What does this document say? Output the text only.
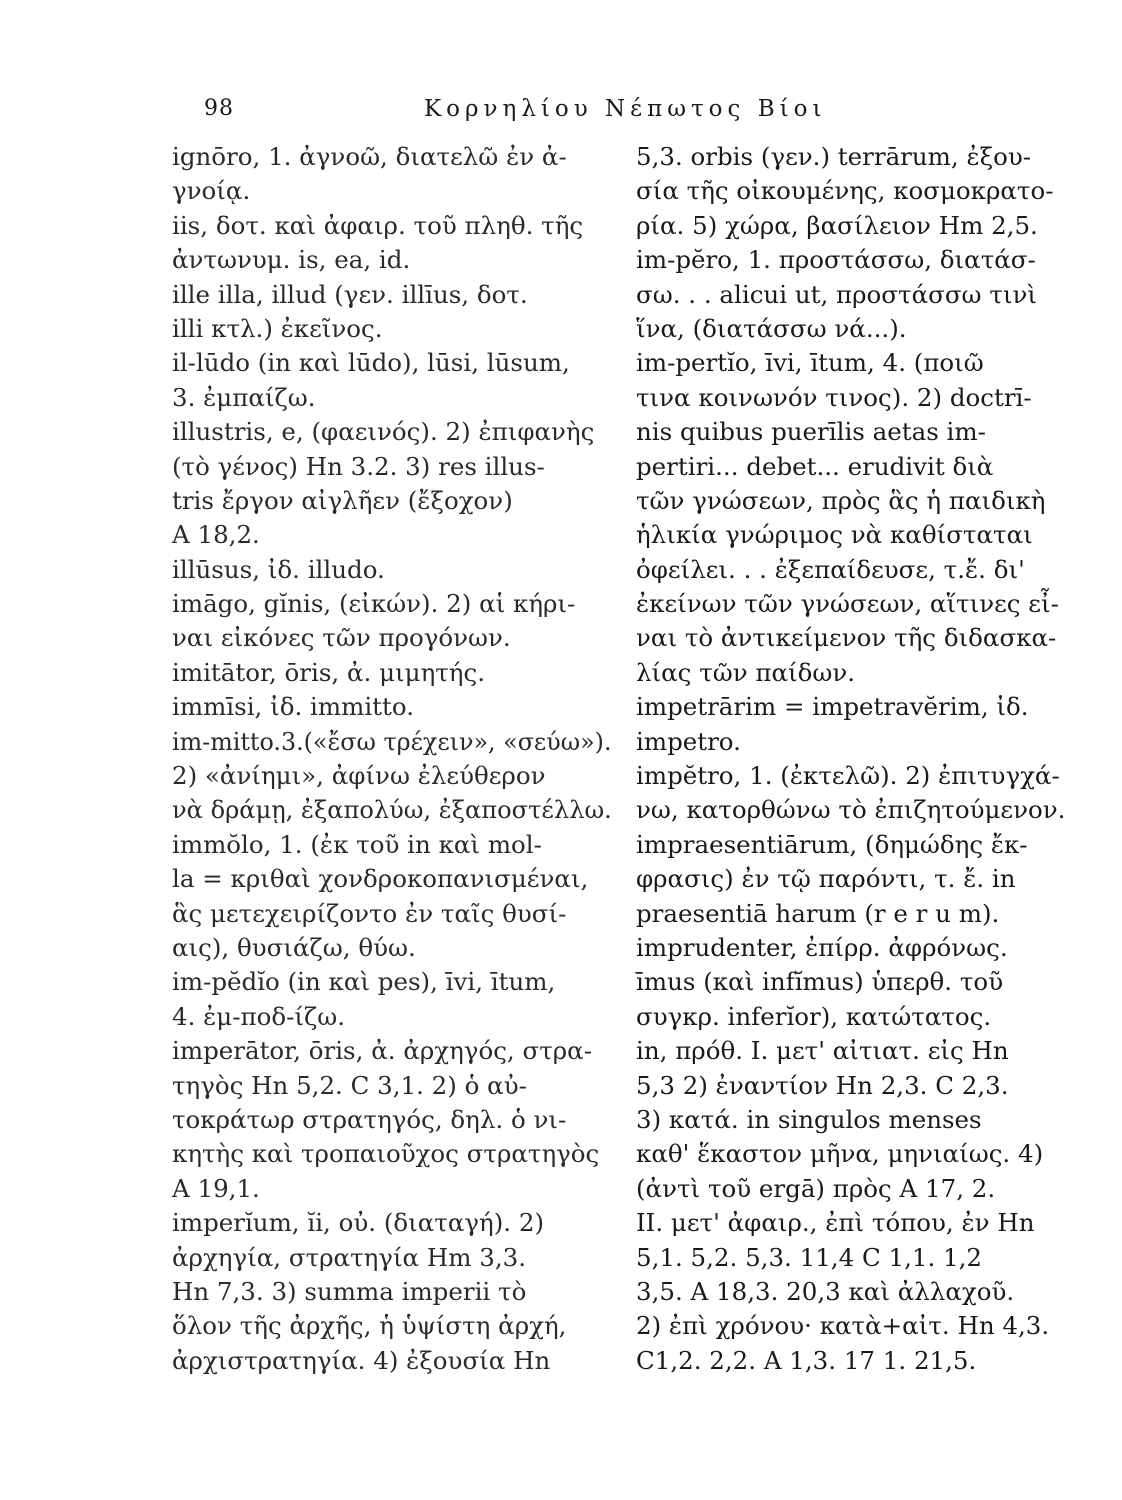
98	Κορνηλίου Νέπωτος Βίοι
ignōro, 1. ἀγνοῶ, διατελῶ ἐν ἀ-
γνοίᾳ.
iis, δοτ. καὶ ἀφαιρ. τοῦ πληθ. τῆς
ἀντωνυμ. is, ea, id.
ille illa, illud (γεν. illīus, δοτ.
illi κτλ.) ἐκεῖνος.
il-lūdo (in καὶ lūdo), lūsi, lūsum,
3. ἐμπαίζω.
illustris, e, (φαεινός). 2) ἐπιφανὴς
(τὸ γένος) Hn 3.2. 3) res illus-
tris ἔργον αἰγλῆεν (ἔξοχον)
A 18,2.
illūsus, ἰδ. illudo.
imāgo, gĭnis, (εἰκών). 2) αἱ κήρι-
ναι εἰκόνες τῶν προγόνων.
imitātor, ōris, ἀ. μιμητής.
immīsi, ἰδ. immitto.
im-mitto.3.(«ἔσω τρέχειν», «σεύω»).
2) «ἀνίημι», ἀφίνω ἐλεύθερον
νὰ δράμῃ, ἐξαπολύω, ἐξαποστέλλω.
immŏlo, 1. (ἐκ τοῦ in καὶ mol-
la = κριθαὶ χονδροκοπανισμέναι,
ἃς μετεχειρίζοντο ἐν ταῖς θυσί-
αις), θυσιάζω, θύω.
im-pĕdĭo (in καὶ pes), īvi, ītum,
4. ἐμ-ποδ-ίζω.
imperātor, ōris, ἀ. ἀρχηγός, στρα-
τηγὸς Hn 5,2. C 3,1. 2) ὁ αὐ-
τοκράτωρ στρατηγός, δηλ. ὁ νι-
κητὴς καὶ τροπαιοῦχος στρατηγὸς
A 19,1.
imperĭum, ĭi, οὐ. (διαταγή). 2)
ἀρχηγία, στρατηγία Hm 3,3.
Hn 7,3. 3) summa imperii τὸ
ὅλον τῆς ἀρχῆς, ἡ ὑψίστη ἀρχή,
ἀρχιστρατηγία. 4) ἐξουσία Hn
5,3. orbis (γεν.) terrārum, ἐξου-
σία τῆς οἰκουμένης, κοσμοκρατο-
ρία. 5) χώρα, βασίλειον Hm 2,5.
im-pĕro, 1. προστάσσω, διατάσ-
σω. . . alicui ut, προστάσσω τινὶ
ἵνα, (διατάσσω νά...).
im-pertĭo, īvi, ītum, 4. (ποιῶ
τινα κοινωνόν τινος). 2) doctrī-
nis quibus puerīlis aetas im-
pertiri... debet... erudivit διὰ
τῶν γνώσεων, πρὸς ἃς ἡ παιδικὴ
ἡλικία γνώριμος νὰ καθίσταται
ὀφείλει. . . ἐξεπαίδευσε, τ.ἔ. δι'
ἐκείνων τῶν γνώσεων, αἵτινες εἶ-
ναι τὸ ἀντικείμενον τῆς διδασκα-
λίας τῶν παίδων.
impetrārim = impetravĕrim, ἰδ.
impetro.
impĕtro, 1. (ἐκτελῶ). 2) ἐπιτυγχά-
νω, κατορθώνω τὸ ἐπιζητούμενον.
impraesentiārum, (δημώδης ἔκ-
φρασις) ἐν τῷ παρόντι, τ. ἔ. in
praesentiā harum (r e r u m).
imprudenter, ἐπίρρ. ἀφρόνως.
īmus (καὶ infĭmus) ὑπερθ. τοῦ
συγκρ. inferĭor), κατώτατος.
in, πρόθ. I. μετ' αἰτιατ. εἰς Hn
5,3 2) ἐναντίον Hn 2,3. C 2,3.
3) κατά. in singulos menses
καθ' ἕκαστον μῆνα, μηνιαίως. 4)
(ἀντὶ τοῦ ergā) πρὸς A 17, 2.
II. μετ' ἀφαιρ., ἐπὶ τόπου, ἐν Hn
5,1. 5,2. 5,3. 11,4 C 1,1. 1,2
3,5. A 18,3. 20,3 καὶ ἀλλαχοῦ.
2) ἐπὶ χρόνου· κατὰ+αἰτ. Hn 4,3.
C1,2. 2,2. A 1,3. 17 1. 21,5.
